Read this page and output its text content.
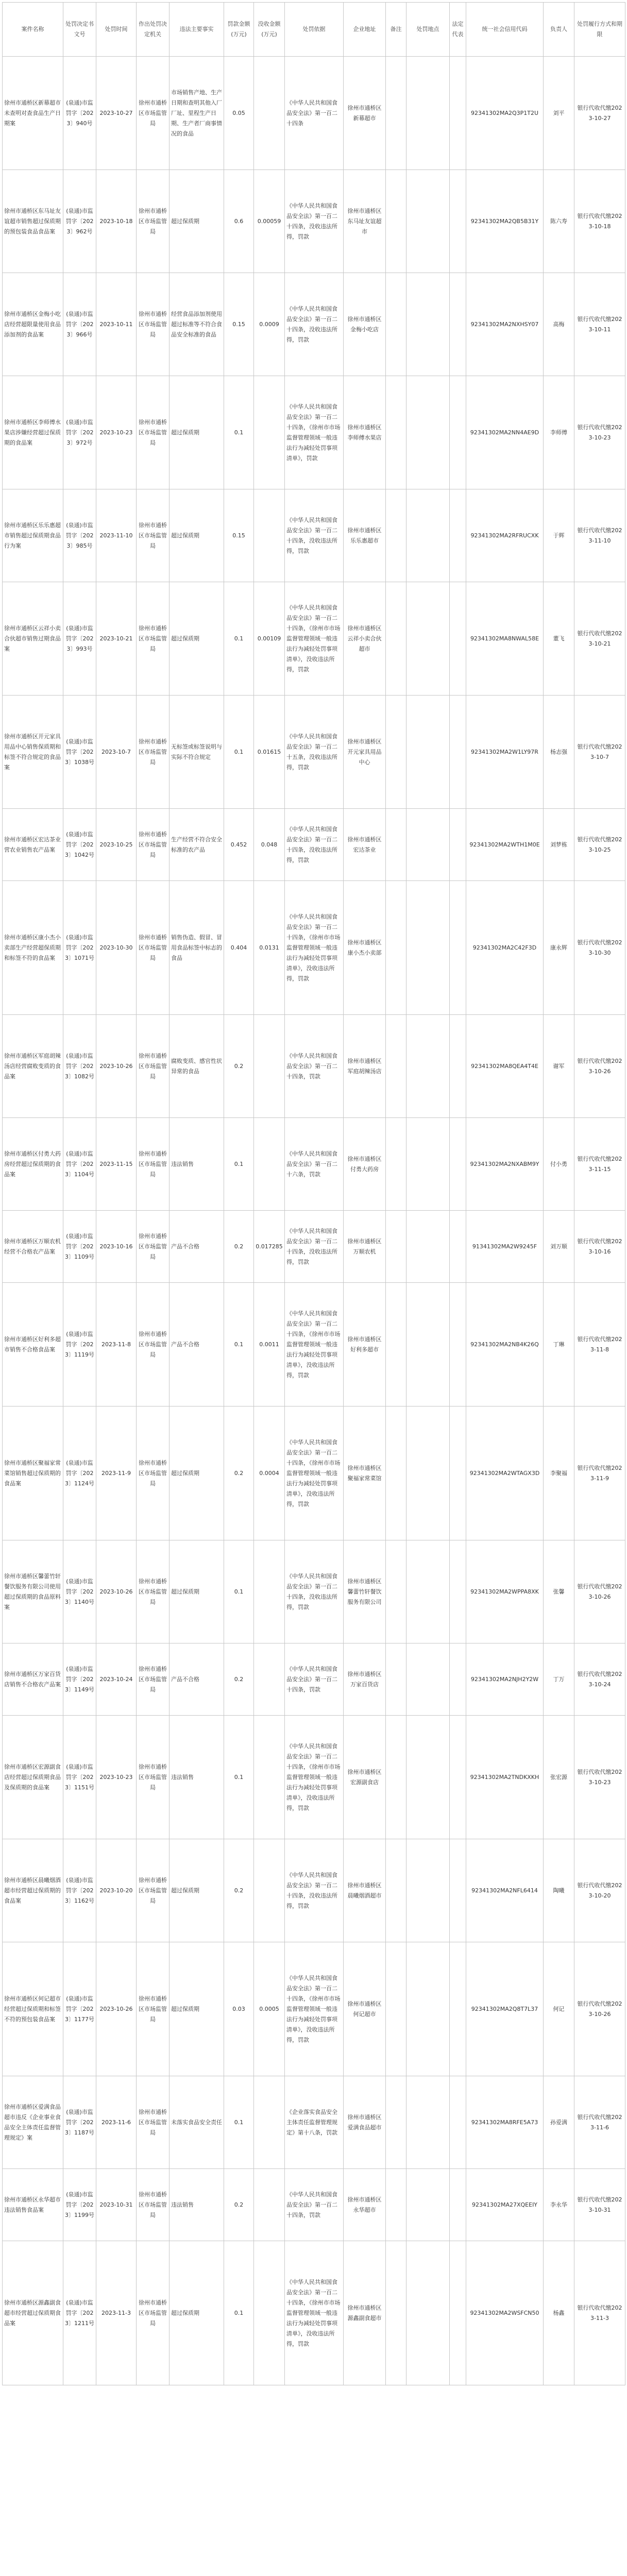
案件名称	处罚决定书文号	处罚时间	作出处罚决定机关	违法主要事实	罚款金额(万元)	没收金额(万元)	处罚依据	企业地址	备注	处罚地点	法定代表	统一社会信用代码	负责人	处罚履行方式和期限
徐州市通桥区新幕超市未查明对查食品生产日期案	(泉通)市监罚字〔2023〕940号	2023-10-27	徐州市通桥区市场监管局	市场销售产地、生产日期和查明其他入厂厂址、里程生产日期、生产者厂商事情况的食品	0.05		《中华人民共和国食品安全法》第一百二十四条	徐州市通桥区新幕超市				92341302MA2Q3P1T2U	刘平	银行代收代缴2023-10-27
徐州市通桥区东马址友谊超市销售超过保质期的预包装食品食品案	(泉通)市监罚字〔2023〕962号	2023-10-18	徐州市通桥区市场监管局	超过保质期	0.6	0.00059	《中华人民共和国食品安全法》第一百二十四条，没收违法所得，罚款	徐州市通桥区东马址友谊超市				92341302MA2QB5B31Y	陈六寿	银行代收代缴2023-10-18
徐州市通桥区金梅小吃店经营超限量使用食品添加剂的食品案	(泉通)市监罚字〔2023〕966号	2023-10-11	徐州市通桥区市场监管局	经营食品添加剂使用超过标准等不符合食品安全标准的食品	0.15	0.0009	《中华人民共和国食品安全法》第一百二十四条，没收违法所得，罚款	徐州市通桥区金梅小吃店				92341302MA2NXHSY07	高梅	银行代收代缴2023-10-11
徐州市通桥区李师傅水果店涉嫌经营超过保质期的食品案	(泉通)市监罚字〔2023〕972号	2023-10-23	徐州市通桥区市场监管局	超过保质期	0.1		《中华人民共和国食品安全法》第一百二十四条，《徐州市市场监督管理领域一般违法行为减轻处罚事项清单》，罚款	徐州市通桥区李师傅水果店				92341302MA2NN4AE9D	李师傅	银行代收代缴2023-10-23
徐州市通桥区乐乐惠超市销售超过保质期食品行为案	(泉通)市监罚字〔2023〕985号	2023-11-10	徐州市通桥区市场监管局	超过保质期	0.15		《中华人民共和国食品安全法》第一百二十四条，没收违法所得，罚款	徐州市通桥区乐乐惠超市				92341302MA2RFRUCXK	于辉	银行代收代缴2023-11-10
徐州市通桥区云祥小卖合伙超市销售过期食品案	(泉通)市监罚字〔2023〕993号	2023-10-21	徐州市通桥区市场监管局	超过保质期	0.1	0.00109	《中华人民共和国食品安全法》第一百二十四条，《徐州市市场监督管理领域一般违法行为减轻处罚事项清单》，没收违法所得，罚款	徐州市通桥区云祥小卖合伙超市				92341302MA8NWAL58E	董飞	银行代收代缴2023-10-21
徐州市通桥区开元家具用品中心销售保质期和标签不符合规定的食品案	(泉通)市监罚字〔2023〕1038号	2023-10-7	徐州市通桥区市场监管局	无标签或标签说明与实际不符合规定	0.1	0.01615	《中华人民共和国食品安全法》第一百二十五条，没收违法所得，罚款	徐州市通桥区开元家具用品中心				92341302MA2W1LY97R	杨志强	银行代收代缴2023-10-7
徐州市通桥区宏达茶业营农业销售农产品案	(泉通)市监罚字〔2023〕1042号	2023-10-25	徐州市通桥区市场监管局	生产经营不符合安全标准的农产品	0.452	0.048	《中华人民共和国食品安全法》第一百二十四条，没收违法所得，罚款	徐州市通桥区宏达茶业				92341302MA2WTH1M0E	刘梦栋	银行代收代缴2023-10-25
徐州市通桥区康小杰小卖部生产经营超保质期和标签不符的食品案	(泉通)市监罚字〔2023〕1071号	2023-10-30	徐州市通桥区市场监管局	销售伪造、假冒、冒用食品标签中标志的食品	0.404	0.0131	《中华人民共和国食品安全法》第一百二十四条，《徐州市市场监督管理领域一般违法行为减轻处罚事项清单》，没收违法所得，罚款	徐州市通桥区康小杰小卖部				92341302MA2C42F3D	康永辉	银行代收代缴2023-10-30
徐州市通桥区军庭胡辣汤店经营腐败变质的食品案	(泉通)市监罚字〔2023〕1082号	2023-10-26	徐州市通桥区市场监管局	腐败变质、感官性状异常的食品	0.2		《中华人民共和国食品安全法》第一百二十四条，罚款	徐州市通桥区军庭胡辣汤店				92341302MA8QEA4T4E	谢军	银行代收代缴2023-10-26
徐州市通桥区付勇大药房经营超过保质期的食品案	(泉通)市监罚字〔2023〕1104号	2023-11-15	徐州市通桥区市场监管局	违法销售	0.1		《中华人民共和国食品安全法》第一百二十六条，罚款	徐州市通桥区付勇大药房				92341302MA2NXABM9Y	付小勇	银行代收代缴2023-11-15
徐州市通桥区万顺农机经营不合格农产品案	(泉通)市监罚字〔2023〕1109号	2023-10-16	徐州市通桥区市场监管局	产品不合格	0.2	0.017285	《中华人民共和国食品安全法》第一百二十四条，没收违法所得，罚款	徐州市通桥区万顺农机				91341302MA2W9245F	刘万顺	银行代收代缴2023-10-16
徐州市通桥区好利多超市销售不合格食品案	(泉通)市监罚字〔2023〕1119号	2023-11-8	徐州市通桥区市场监管局	产品不合格	0.1	0.0011	《中华人民共和国食品安全法》第一百二十四条，《徐州市市场监督管理领域一般违法行为减轻处罚事项清单》，没收违法所得，罚款	徐州市通桥区好利多超市				92341302MA2NB4K26Q	丁琳	银行代收代缴2023-11-8
徐州市通桥区聚福家常菜馆销售超过保质期的食品案	(泉通)市监罚字〔2023〕1124号	2023-11-9	徐州市通桥区市场监管局	超过保质期	0.2	0.0004	《中华人民共和国食品安全法》第一百二十四条，《徐州市市场监督管理领域一般违法行为减轻处罚事项清单》，没收违法所得，罚款	徐州市通桥区聚福家常菜馆				92341302MA2WTAGX3D	李聚福	银行代收代缴2023-11-9
徐州市通桥区馨蕾竹轩餐饮服务有限公司使用超过保质期的食品原料案	(泉通)市监罚字〔2023〕1140号	2023-10-26	徐州市通桥区市场监管局	超过保质期	0.1		《中华人民共和国食品安全法》第一百二十四条，没收违法所得，罚款	徐州市通桥区馨蕾竹轩餐饮服务有限公司				92341302MA2WPPA8XK	张馨	银行代收代缴2023-10-26
徐州市通桥区万家百货店销售不合格农产品案	(泉通)市监罚字〔2023〕1149号	2023-10-24	徐州市通桥区市场监管局	产品不合格	0.2		《中华人民共和国食品安全法》第一百二十四条，罚款	徐州市通桥区万家百货店				92341302MA2NJH2Y2W	丁万	银行代收代缴2023-10-24
徐州市通桥区宏源副食店经营超过保质期食品及保质期的食品案	(泉通)市监罚字〔2023〕1151号	2023-10-23	徐州市通桥区市场监管局	违法销售	0.1		《中华人民共和国食品安全法》第一百二十四条，《徐州市市场监督管理领域一般违法行为减轻处罚事项清单》，没收违法所得，罚款	徐州市通桥区宏源副食店				92341302MA2TNDKXKH	张宏源	银行代收代缴2023-10-23
徐州市通桥区晨曦烟酒超市经营超过保质期的食品案	(泉通)市监罚字〔2023〕1162号	2023-10-20	徐州市通桥区市场监管局	超过保质期	0.2		《中华人民共和国食品安全法》第一百二十四条，没收违法所得，罚款	徐州市通桥区晨曦烟酒超市				92341302MA2NFL6414	陶曦	银行代收代缴2023-10-20
徐州市通桥区何记超市经营超过保质期和标签不符的预包装食品案	(泉通)市监罚字〔2023〕1177号	2023-10-26	徐州市通桥区市场监管局	超过保质期	0.03	0.0005	《中华人民共和国食品安全法》第一百二十四条，《徐州市市场监督管理领域一般违法行为减轻处罚事项清单》，没收违法所得，罚款	徐州市通桥区何记超市				92341302MA2Q8T7L37	何记	银行代收代缴2023-10-26
徐州市通桥区爱满食品超市违反《企业事业食品安全主体责任监督管理规定》案	(泉通)市监罚字〔2023〕1187号	2023-11-6	徐州市通桥区市场监管局	未落实食品安全责任	0.1		《企业落实食品安全主体责任监督管理规定》第十八条，罚款	徐州市通桥区爱满食品超市				92341302MA8RFE5A73	孙爱满	银行代收代缴2023-11-6
徐州市通桥区永华超市违法销售食品案	(泉通)市监罚字〔2023〕1199号	2023-10-31	徐州市通桥区市场监管局	违法销售	0.2		《中华人民共和国食品安全法》第一百二十四条，罚款	徐州市通桥区永华超市				92341302MA27XQEEIY	李永华	银行代收代缴2023-10-31
徐州市通桥区源鑫副食超市经营超过保质期食品案	(泉通)市监罚字〔2023〕1211号	2023-11-3	徐州市通桥区市场监管局	超过保质期	0.1		《中华人民共和国食品安全法》第一百二十四条，《徐州市市场监督管理领域一般违法行为减轻处罚事项清单》，没收违法所得，罚款	徐州市通桥区源鑫副食超市				92341302MA2WSFCN50	杨鑫	银行代收代缴2023-11-3
